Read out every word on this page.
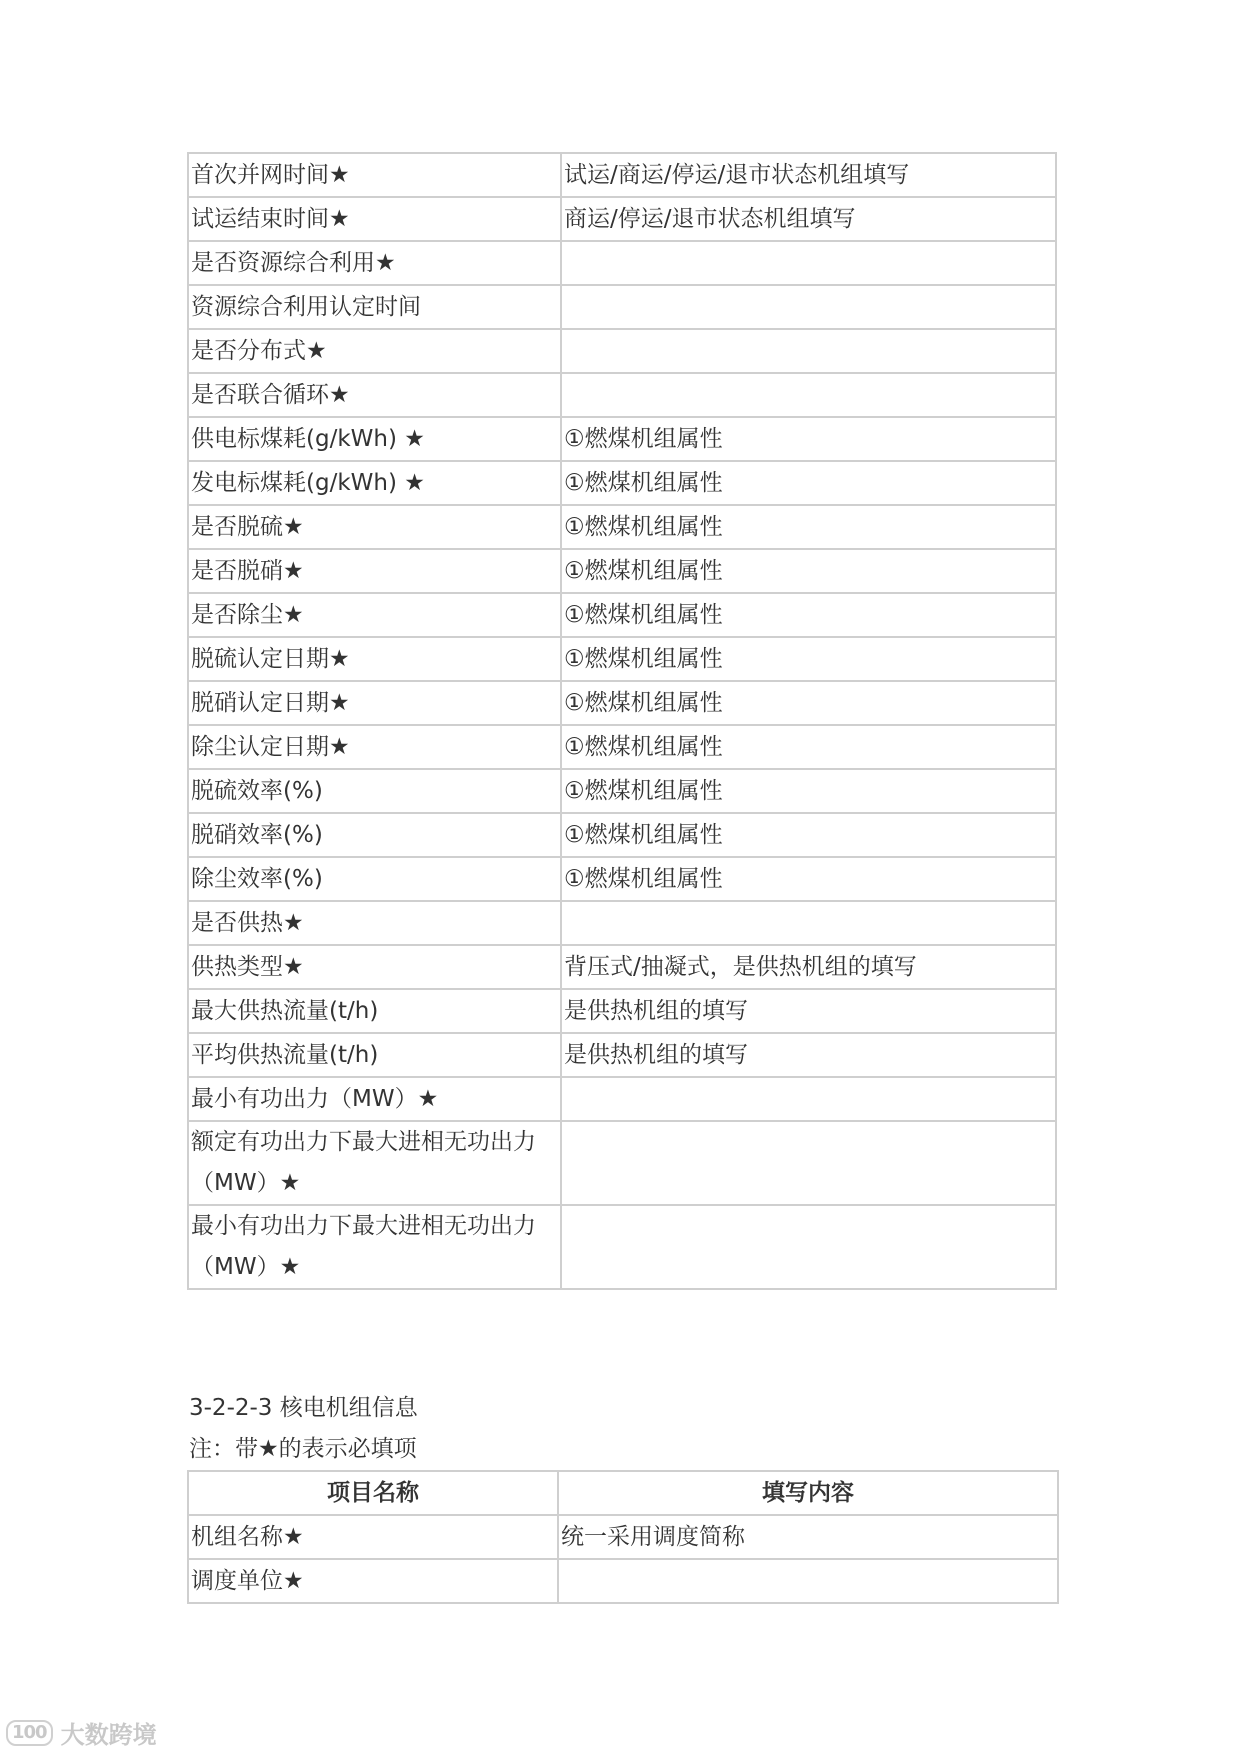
首次并网时间★	试运/商运/停运/退市状态机组填写
试运结束时间★	商运/停运/退市状态机组填写
是否资源综合利用★	
资源综合利用认定时间	
是否分布式★	
是否联合循环★	
供电标煤耗(g/kWh) ★	①燃煤机组属性
发电标煤耗(g/kWh) ★	①燃煤机组属性
是否脱硫★	①燃煤机组属性
是否脱硝★	①燃煤机组属性
是否除尘★	①燃煤机组属性
脱硫认定日期★	①燃煤机组属性
脱硝认定日期★	①燃煤机组属性
除尘认定日期★	①燃煤机组属性
脱硫效率(%)	①燃煤机组属性
脱硝效率(%)	①燃煤机组属性
除尘效率(%)	①燃煤机组属性
是否供热★	
供热类型★	背压式/抽凝式，是供热机组的填写
最大供热流量(t/h)	是供热机组的填写
平均供热流量(t/h)	是供热机组的填写
最小有功出力（MW）★	
额定有功出力下最大进相无功出力（MW）★	
最小有功出力下最大进相无功出力（MW）★	
3-2-2-3 核电机组信息
注：带★的表示必填项
项目名称	填写内容
机组名称★	统一采用调度简称
调度单位★	
100 大数跨境
